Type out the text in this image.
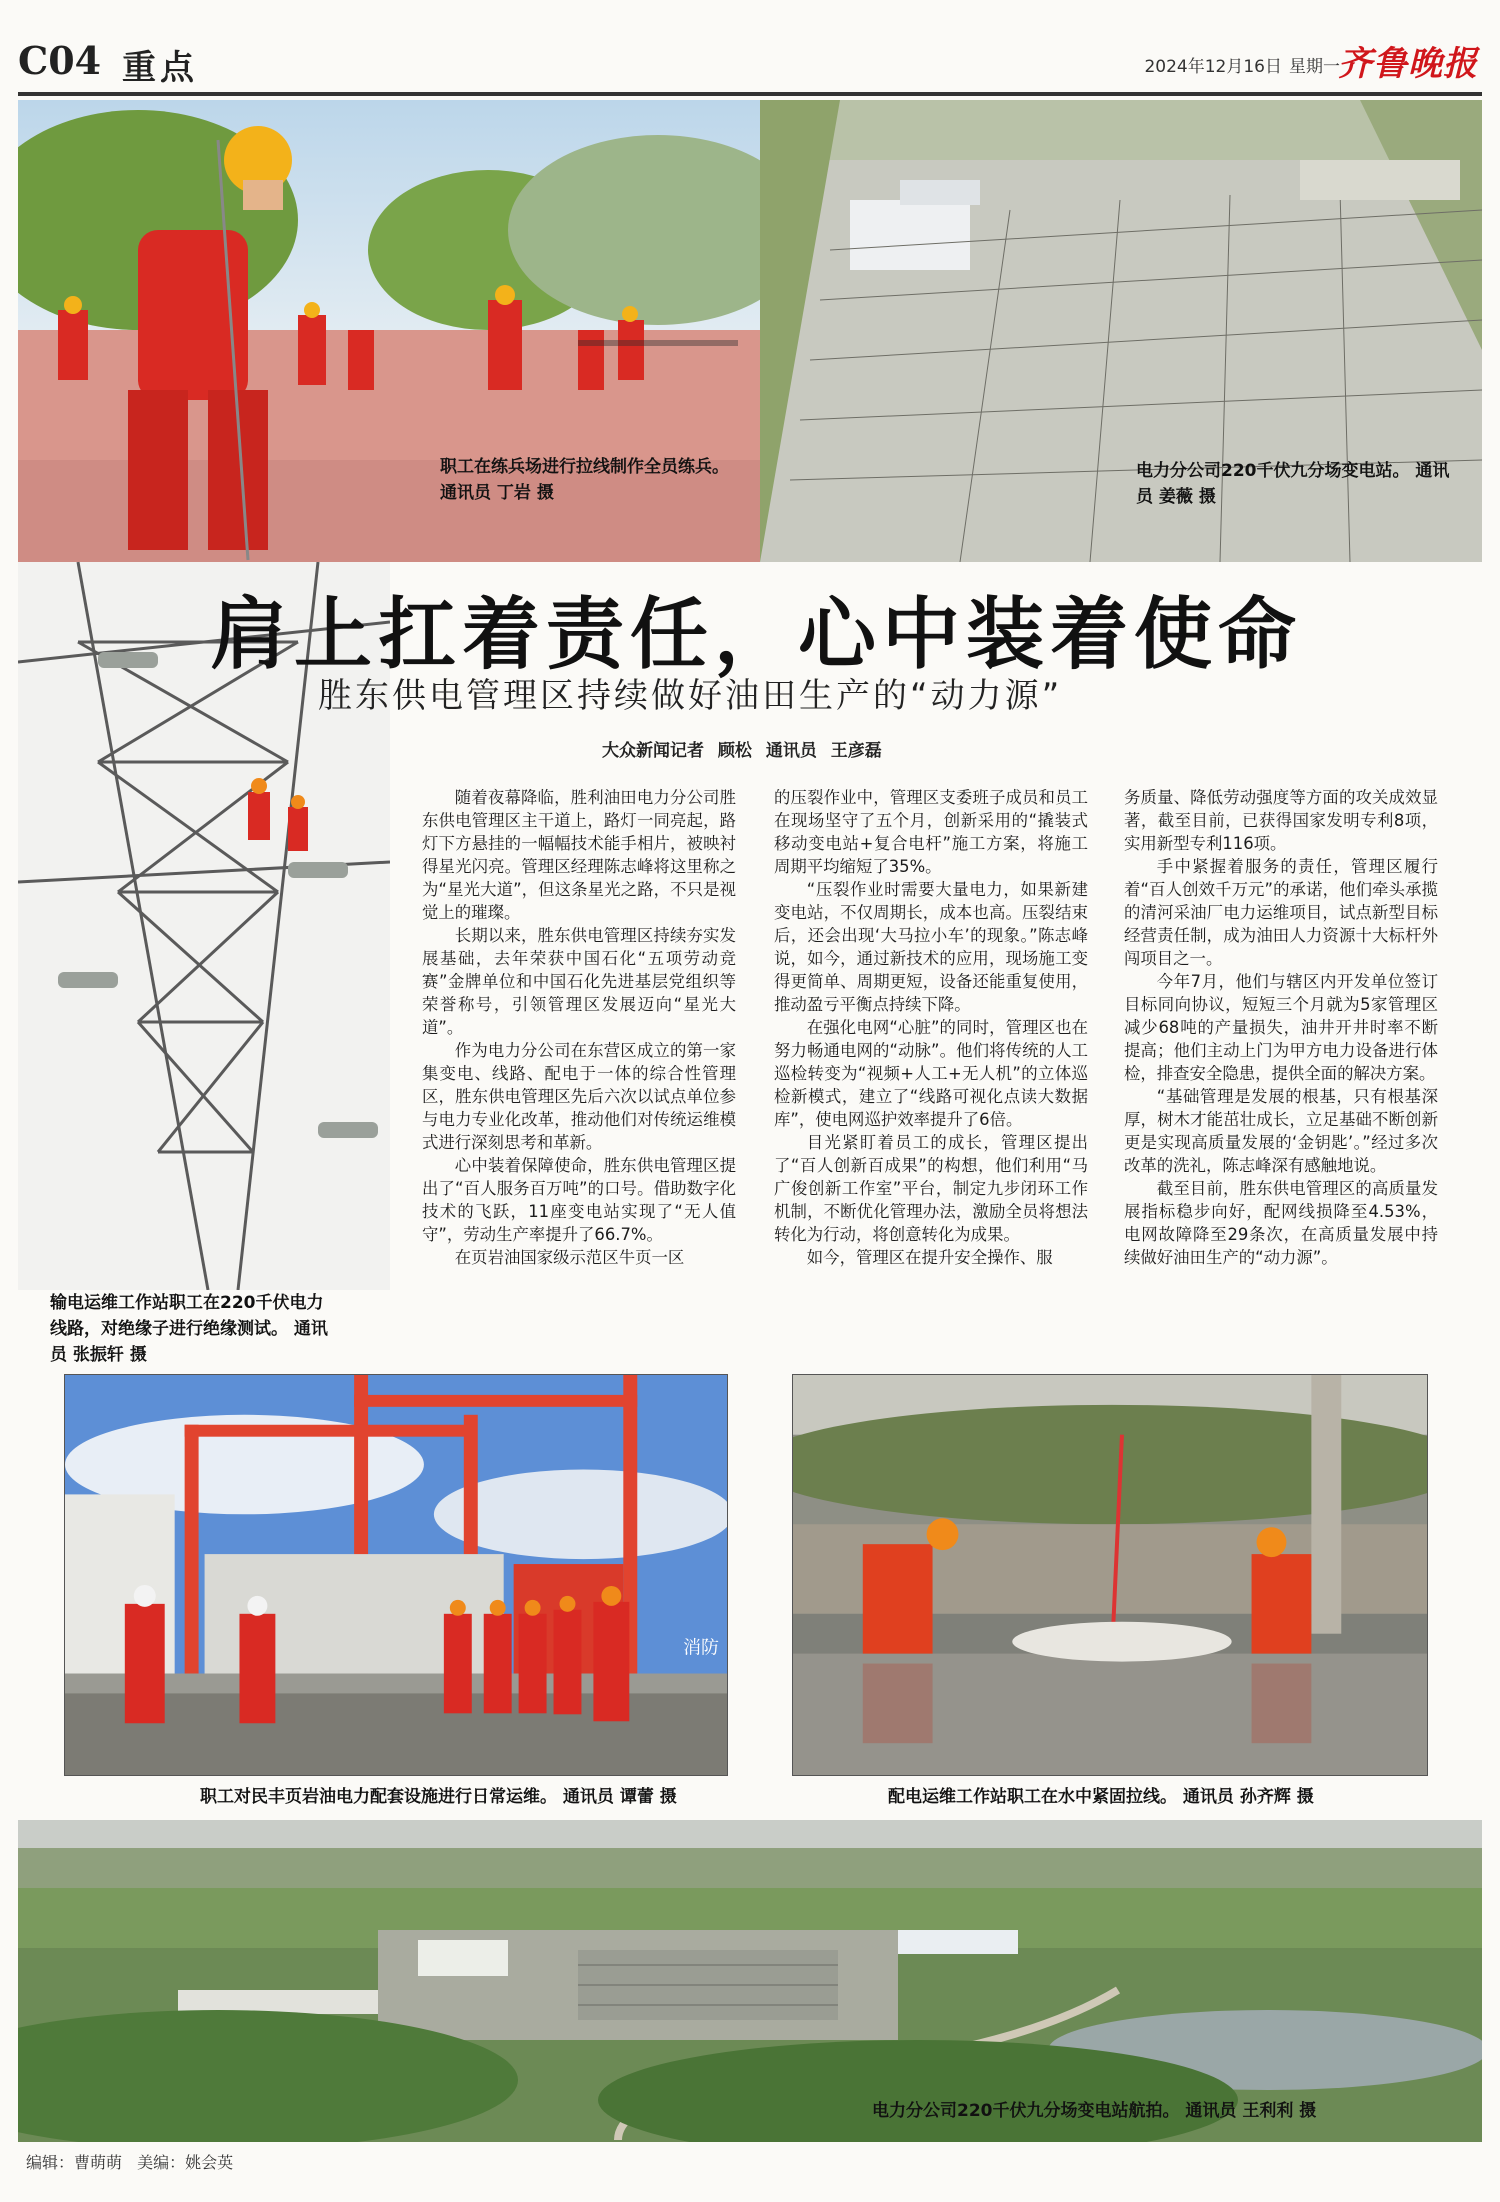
C04 重点	2024年12月16日 星期一
齐鲁晚报
职工在练兵场进行拉线制作全员练兵。 通讯员 丁岩 摄
电力分公司220千伏九分场变电站。 通讯员 姜薇 摄
输电运维工作站职工在220千伏电力线路，对绝缘子进行绝缘测试。 通讯员 张振轩 摄
肩上扛着责任，心中装着使命
胜东供电管理区持续做好油田生产的“动力源”
大众新闻记者 顾松 通讯员 王彦磊

随着夜幕降临，胜利油田电力分公司胜东供电管理区主干道上，路灯一同亮起，路灯下方悬挂的一幅幅技术能手相片，被映衬得星光闪亮。管理区经理陈志峰将这里称之为“星光大道”，但这条星光之路，不只是视觉上的璀璨。

长期以来，胜东供电管理区持续夯实发展基础，去年荣获中国石化“五项劳动竞赛”金牌单位和中国石化先进基层党组织等荣誉称号，引领管理区发展迈向“星光大道”。

作为电力分公司在东营区成立的第一家集变电、线路、配电于一体的综合性管理区，胜东供电管理区先后六次以试点单位参与电力专业化改革，推动他们对传统运维模式进行深刻思考和革新。

心中装着保障使命，胜东供电管理区提出了“百人服务百万吨”的口号。借助数字化技术的飞跃，11座变电站实现了“无人值守”，劳动生产率提升了66.7%。

在页岩油国家级示范区牛页一区

的压裂作业中，管理区支委班子成员和员工在现场坚守了五个月，创新采用的“撬装式移动变电站+复合电杆”施工方案，将施工周期平均缩短了35%。

“压裂作业时需要大量电力，如果新建变电站，不仅周期长，成本也高。压裂结束后，还会出现‘大马拉小车’的现象。”陈志峰说，如今，通过新技术的应用，现场施工变得更简单、周期更短，设备还能重复使用，推动盈亏平衡点持续下降。

在强化电网“心脏”的同时，管理区也在努力畅通电网的“动脉”。他们将传统的人工巡检转变为“视频+人工+无人机”的立体巡检新模式，建立了“线路可视化点读大数据库”，使电网巡护效率提升了6倍。

目光紧盯着员工的成长，管理区提出了“百人创新百成果”的构想，他们利用“马广俊创新工作室”平台，制定九步闭环工作机制，不断优化管理办法，激励全员将想法转化为行动，将创意转化为成果。

如今，管理区在提升安全操作、服

务质量、降低劳动强度等方面的攻关成效显著，截至目前，已获得国家发明专利8项，实用新型专利116项。

手中紧握着服务的责任，管理区履行着“百人创效千万元”的承诺，他们牵头承揽的清河采油厂电力运维项目，试点新型目标经营责任制，成为油田人力资源十大标杆外闯项目之一。

今年7月，他们与辖区内开发单位签订目标同向协议，短短三个月就为5家管理区减少68吨的产量损失，油井开井时率不断提高；他们主动上门为甲方电力设备进行体检，排查安全隐患，提供全面的解决方案。

“基础管理是发展的根基，只有根基深厚，树木才能茁壮成长，立足基础不断创新更是实现高质量发展的‘金钥匙’。”经过多次改革的洗礼，陈志峰深有感触地说。

截至目前，胜东供电管理区的高质量发展指标稳步向好，配网线损降至4.53%，电网故障降至29条次，在高质量发展中持续做好油田生产的“动力源”。

消防
职工对民丰页岩油电力配套设施进行日常运维。 通讯员 谭蕾 摄	配电运维工作站职工在水中紧固拉线。 通讯员 孙齐辉 摄
电力分公司220千伏九分场变电站航拍。 通讯员 王利利 摄
编辑：曹萌萌 美编：姚会英
